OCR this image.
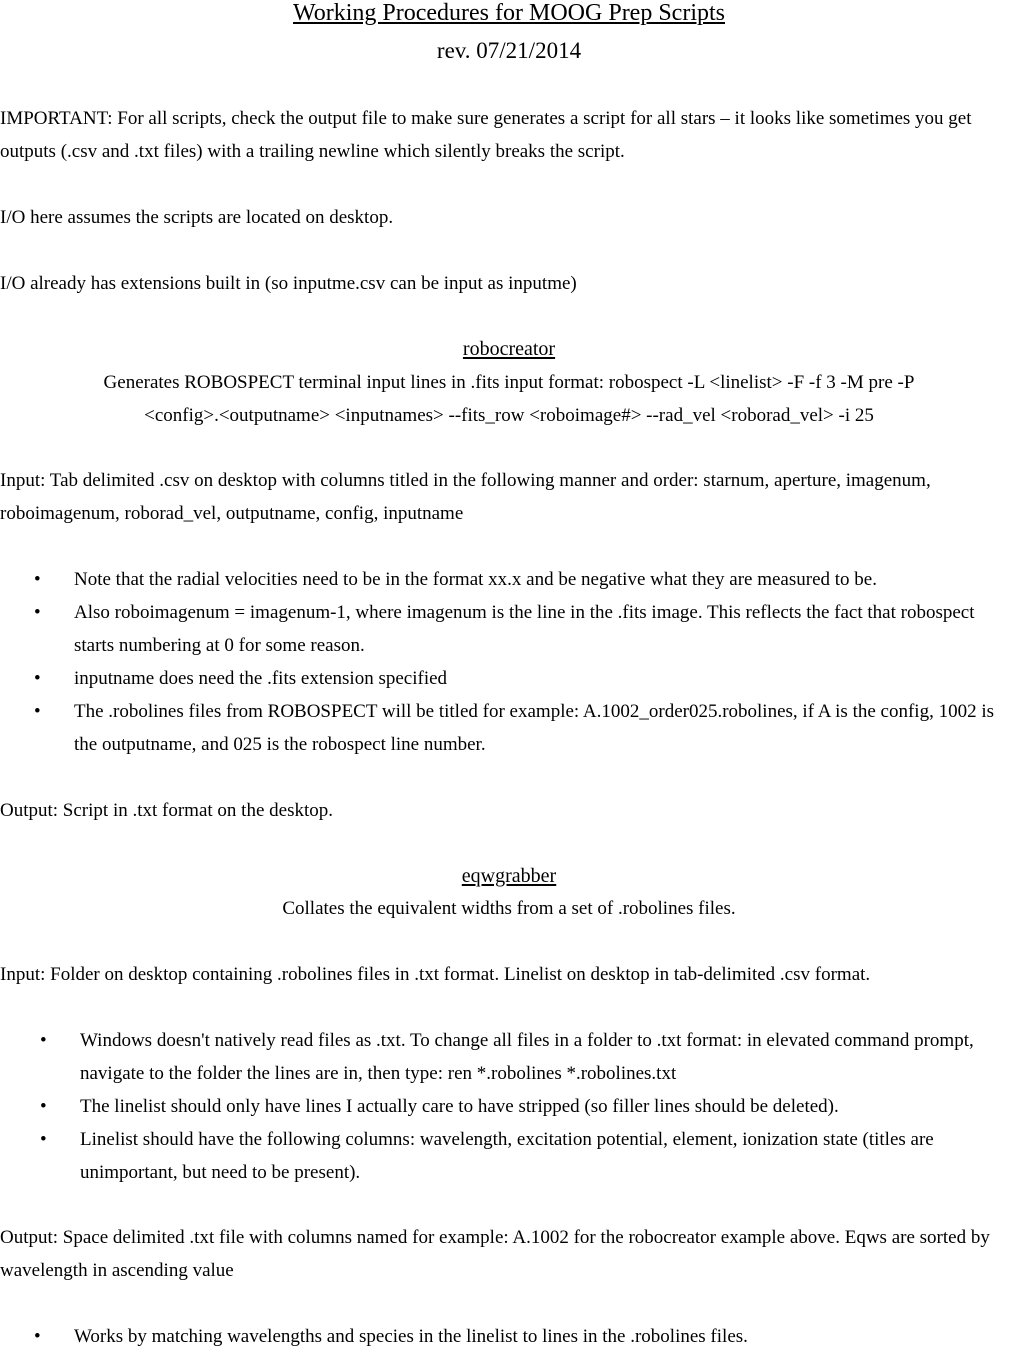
Working Procedures for MOOG Prep Scripts
rev. 07/21/2014
IMPORTANT: For all scripts, check the output file to make sure generates a script for all stars – it looks like sometimes you get outputs (.csv and .txt files) with a trailing newline which silently breaks the script.
I/O here assumes the scripts are located on desktop.
I/O already has extensions built in (so inputme.csv can be input as inputme)
robocreator
Generates ROBOSPECT terminal input lines in .fits input format: robospect -L <linelist> -F -f 3 -M pre -P
<config>.<outputname> <inputnames> --fits_row <roboimage#> --rad_vel <roborad_vel> -i 25
Input: Tab delimited .csv on desktop with columns titled in the following manner and order: starnum, aperture, imagenum, roboimagenum, roborad_vel, outputname, config, inputname
• Note that the radial velocities need to be in the format xx.x and be negative what they are measured to be.
• Also roboimagenum = imagenum-1, where imagenum is the line in the .fits image. This reflects the fact that robospect starts numbering at 0 for some reason.
• inputname does need the .fits extension specified
• The .robolines files from ROBOSPECT will be titled for example: A.1002_order025.robolines, if A is the config, 1002 is the outputname, and 025 is the robospect line number.
Output: Script in .txt format on the desktop.
eqwgrabber
Collates the equivalent widths from a set of .robolines files.
Input: Folder on desktop containing .robolines files in .txt format. Linelist on desktop in tab-delimited .csv format.
• Windows doesn't natively read files as .txt. To change all files in a folder to .txt format: in elevated command prompt, navigate to the folder the lines are in, then type: ren *.robolines *.robolines.txt
• The linelist should only have lines I actually care to have stripped (so filler lines should be deleted).
• Linelist should have the following columns: wavelength, excitation potential, element, ionization state (titles are unimportant, but need to be present).
Output: Space delimited .txt file with columns named for example: A.1002 for the robocreator example above. Eqws are sorted by wavelength in ascending value
• Works by matching wavelengths and species in the linelist to lines in the .robolines files.
